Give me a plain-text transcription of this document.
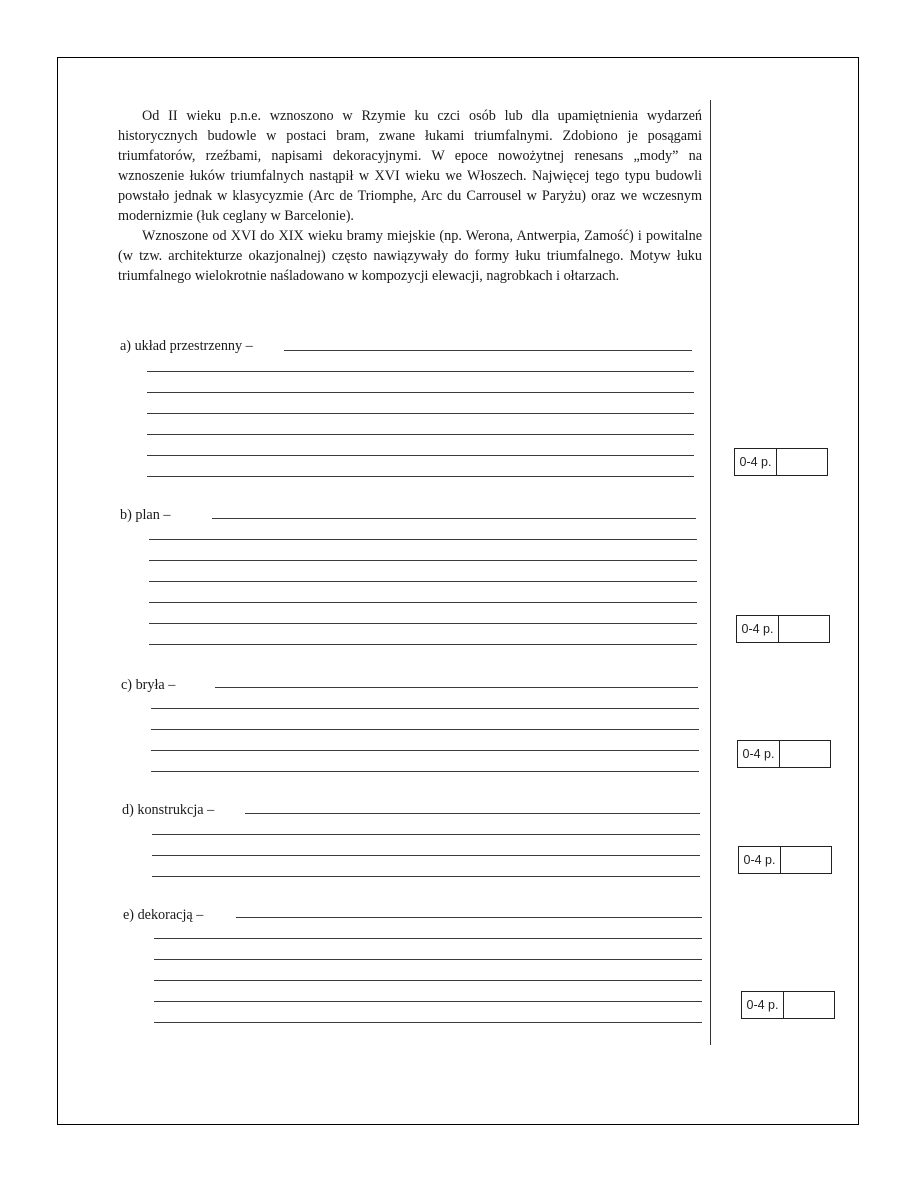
Od II wieku p.n.e. wznoszono w Rzymie ku czci osób lub dla upamiętnienia wydarzeń historycznych budowle w postaci bram, zwane łukami triumfalnymi. Zdobiono je posągami triumfatorów, rzeźbami, napisami dekoracyjnymi. W epoce nowożytnej renesans „mody” na wznoszenie łuków triumfalnych nastąpił w XVI wieku we Włoszech. Najwięcej tego typu budowli powstało jednak w klasycyzmie (Arc de Triomphe, Arc du Carrousel w Paryżu) oraz we wczesnym modernizmie (łuk ceglany w Barcelonie).

Wznoszone od XVI do XIX wieku bramy miejskie (np. Werona, Antwerpia, Zamość) i powitalne (w tzw. architekturze okazjonalnej) często nawiązywały do formy łuku triumfalnego. Motyw łuku triumfalnego wielokrotnie naśladowano w kompozycji elewacji, nagrobkach i ołtarzach.

a) układ przestrzenny –
0-4 p.
b) plan –
0-4 p.
c) bryła –
0-4 p.
d) konstrukcja –
0-4 p.
e) dekoracją –
0-4 p.
